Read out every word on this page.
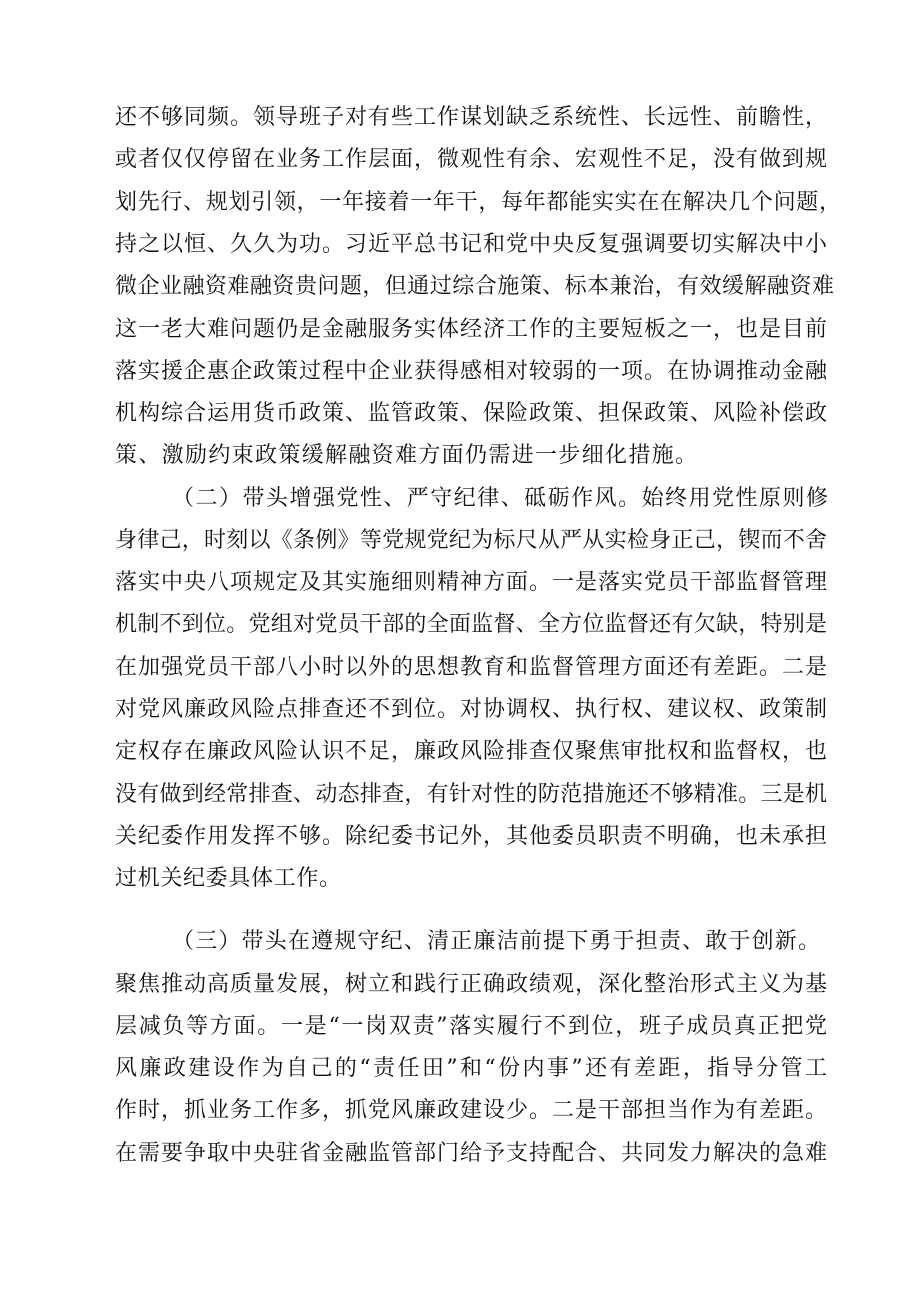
还不够同频。领导班子对有些工作谋划缺乏系统性、长远性、前瞻性，

或者仅仅停留在业务工作层面，微观性有余、宏观性不足，没有做到规

划先行、规划引领，一年接着一年干，每年都能实实在在解决几个问题，

持之以恒、久久为功。习近平总书记和党中央反复强调要切实解决中小

微企业融资难融资贵问题，但通过综合施策、标本兼治，有效缓解融资难

这一老大难问题仍是金融服务实体经济工作的主要短板之一，也是目前

落实援企惠企政策过程中企业获得感相对较弱的一项。在协调推动金融

机构综合运用货币政策、监管政策、保险政策、担保政策、风险补偿政

策、激励约束政策缓解融资难方面仍需进一步细化措施。

（二）带头增强党性、严守纪律、砥砺作风。始终用党性原则修

身律己，时刻以《条例》等党规党纪为标尺从严从实检身正己，锲而不舍

落实中央八项规定及其实施细则精神方面。一是落实党员干部监督管理

机制不到位。党组对党员干部的全面监督、全方位监督还有欠缺，特别是

在加强党员干部八小时以外的思想教育和监督管理方面还有差距。二是

对党风廉政风险点排查还不到位。对协调权、执行权、建议权、政策制

定权存在廉政风险认识不足，廉政风险排查仅聚焦审批权和监督权，也

没有做到经常排查、动态排查，有针对性的防范措施还不够精准。三是机

关纪委作用发挥不够。除纪委书记外，其他委员职责不明确，也未承担

过机关纪委具体工作。

（三）带头在遵规守纪、清正廉洁前提下勇于担责、敢于创新。

聚焦推动高质量发展，树立和践行正确政绩观，深化整治形式主义为基

层减负等方面。一是“一岗双责”落实履行不到位，班子成员真正把党

风廉政建设作为自己的“责任田”和“份内事”还有差距，指导分管工

作时，抓业务工作多，抓党风廉政建设少。二是干部担当作为有差距。

在需要争取中央驻省金融监管部门给予支持配合、共同发力解决的急难
